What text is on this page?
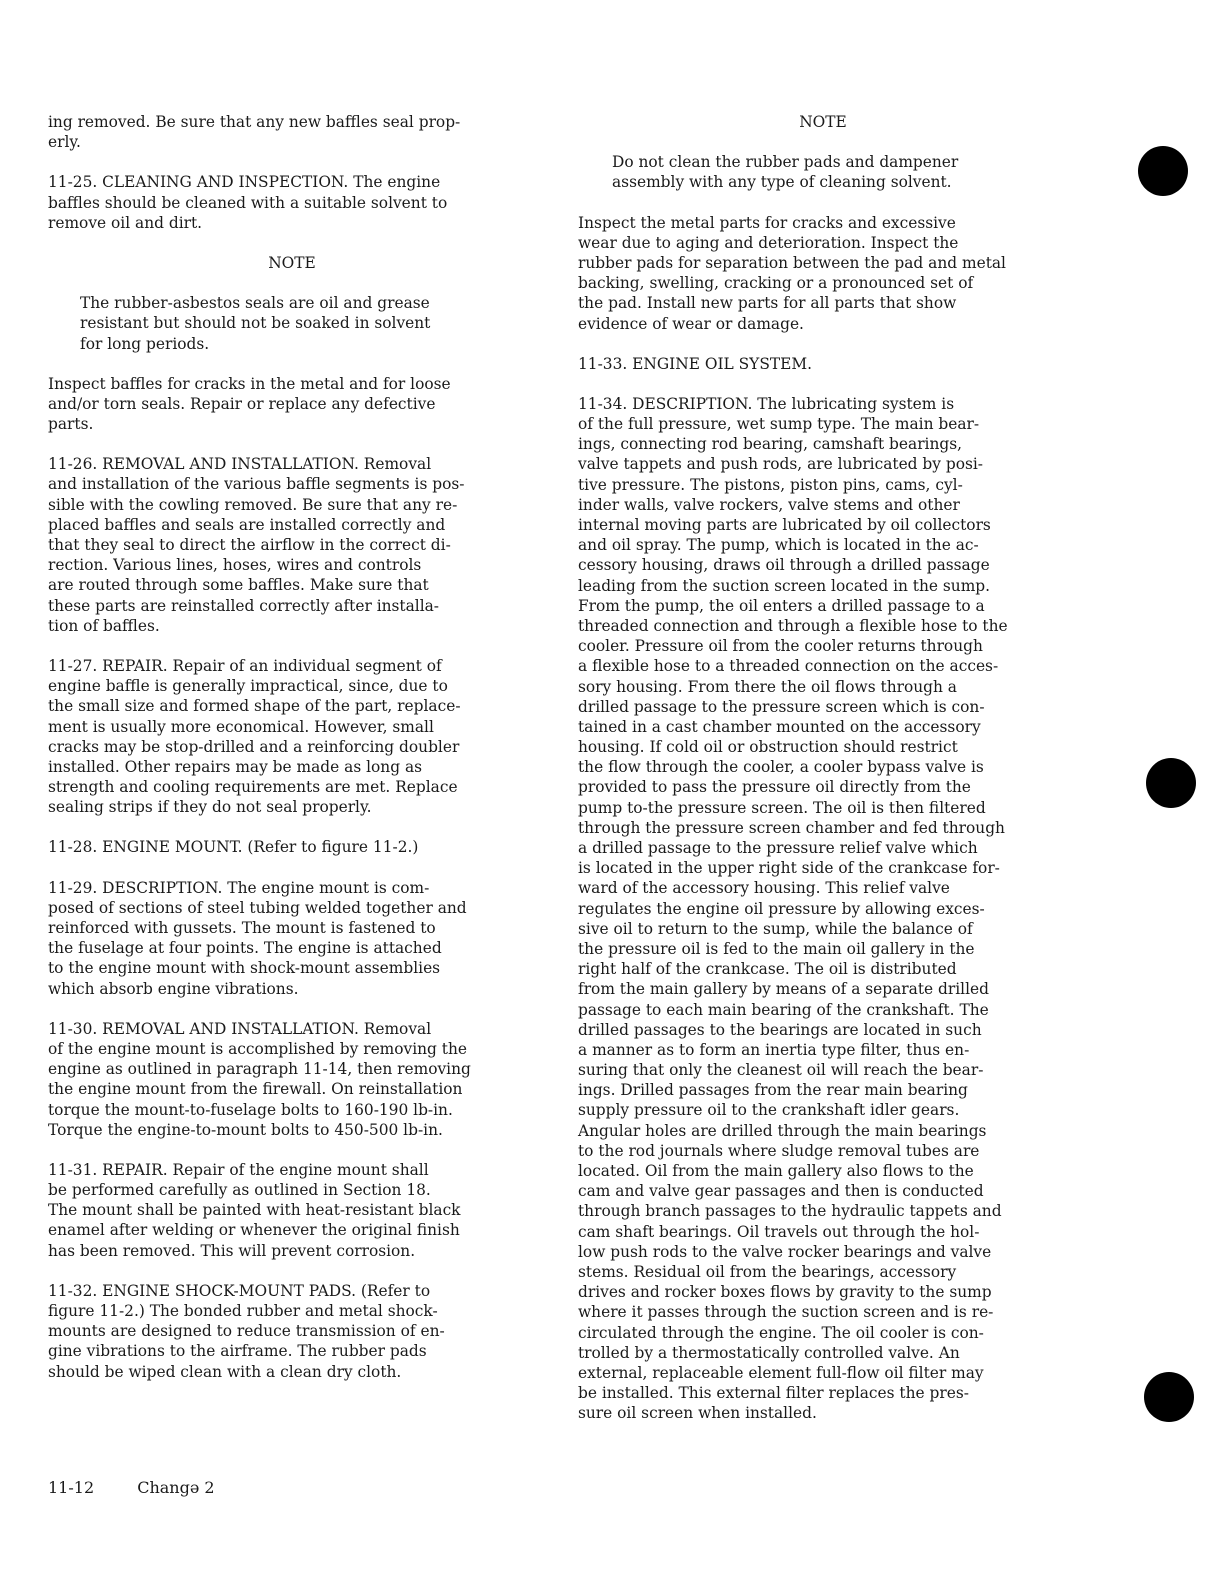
ing removed. Be sure that any new baffles seal prop-
erly.
11-25. CLEANING AND INSPECTION. The engine
baffles should be cleaned with a suitable solvent to
remove oil and dirt.
NOTE
The rubber-asbestos seals are oil and grease
resistant but should not be soaked in solvent
for long periods.
Inspect baffles for cracks in the metal and for loose
and/or torn seals. Repair or replace any defective
parts.
11-26. REMOVAL AND INSTALLATION. Removal
and installation of the various baffle segments is pos-
sible with the cowling removed. Be sure that any re-
placed baffles and seals are installed correctly and
that they seal to direct the airflow in the correct di-
rection. Various lines, hoses, wires and controls
are routed through some baffles. Make sure that
these parts are reinstalled correctly after installa-
tion of baffles.
11-27. REPAIR. Repair of an individual segment of
engine baffle is generally impractical, since, due to
the small size and formed shape of the part, replace-
ment is usually more economical. However, small
cracks may be stop-drilled and a reinforcing doubler
installed. Other repairs may be made as long as
strength and cooling requirements are met. Replace
sealing strips if they do not seal properly.
11-28. ENGINE MOUNT. (Refer to figure 11-2.)
11-29. DESCRIPTION. The engine mount is com-
posed of sections of steel tubing welded together and
reinforced with gussets. The mount is fastened to
the fuselage at four points. The engine is attached
to the engine mount with shock-mount assemblies
which absorb engine vibrations.
11-30. REMOVAL AND INSTALLATION. Removal
of the engine mount is accomplished by removing the
engine as outlined in paragraph 11-14, then removing
the engine mount from the firewall. On reinstallation
torque the mount-to-fuselage bolts to 160-190 lb-in.
Torque the engine-to-mount bolts to 450-500 lb-in.
11-31. REPAIR. Repair of the engine mount shall
be performed carefully as outlined in Section 18.
The mount shall be painted with heat-resistant black
enamel after welding or whenever the original finish
has been removed. This will prevent corrosion.
11-32. ENGINE SHOCK-MOUNT PADS. (Refer to
figure 11-2.) The bonded rubber and metal shock-
mounts are designed to reduce transmission of en-
gine vibrations to the airframe. The rubber pads
should be wiped clean with a clean dry cloth.
NOTE
Do not clean the rubber pads and dampener
assembly with any type of cleaning solvent.
Inspect the metal parts for cracks and excessive
wear due to aging and deterioration. Inspect the
rubber pads for separation between the pad and metal
backing, swelling, cracking or a pronounced set of
the pad. Install new parts for all parts that show
evidence of wear or damage.
11-33. ENGINE OIL SYSTEM.
11-34. DESCRIPTION. The lubricating system is
of the full pressure, wet sump type. The main bear-
ings, connecting rod bearing, camshaft bearings,
valve tappets and push rods, are lubricated by posi-
tive pressure. The pistons, piston pins, cams, cyl-
inder walls, valve rockers, valve stems and other
internal moving parts are lubricated by oil collectors
and oil spray. The pump, which is located in the ac-
cessory housing, draws oil through a drilled passage
leading from the suction screen located in the sump.
From the pump, the oil enters a drilled passage to a
threaded connection and through a flexible hose to the
cooler. Pressure oil from the cooler returns through
a flexible hose to a threaded connection on the acces-
sory housing. From there the oil flows through a
drilled passage to the pressure screen which is con-
tained in a cast chamber mounted on the accessory
housing. If cold oil or obstruction should restrict
the flow through the cooler, a cooler bypass valve is
provided to pass the pressure oil directly from the
pump to-the pressure screen. The oil is then filtered
through the pressure screen chamber and fed through
a drilled passage to the pressure relief valve which
is located in the upper right side of the crankcase for-
ward of the accessory housing. This relief valve
regulates the engine oil pressure by allowing exces-
sive oil to return to the sump, while the balance of
the pressure oil is fed to the main oil gallery in the
right half of the crankcase. The oil is distributed
from the main gallery by means of a separate drilled
passage to each main bearing of the crankshaft. The
drilled passages to the bearings are located in such
a manner as to form an inertia type filter, thus en-
suring that only the cleanest oil will reach the bear-
ings. Drilled passages from the rear main bearing
supply pressure oil to the crankshaft idler gears.
Angular holes are drilled through the main bearings
to the rod journals where sludge removal tubes are
located. Oil from the main gallery also flows to the
cam and valve gear passages and then is conducted
through branch passages to the hydraulic tappets and
cam shaft bearings. Oil travels out through the hol-
low push rods to the valve rocker bearings and valve
stems. Residual oil from the bearings, accessory
drives and rocker boxes flows by gravity to the sump
where it passes through the suction screen and is re-
circulated through the engine. The oil cooler is con-
trolled by a thermostatically controlled valve. An
external, replaceable element full-flow oil filter may
be installed. This external filter replaces the pres-
sure oil screen when installed.
11-12	Changə 2
